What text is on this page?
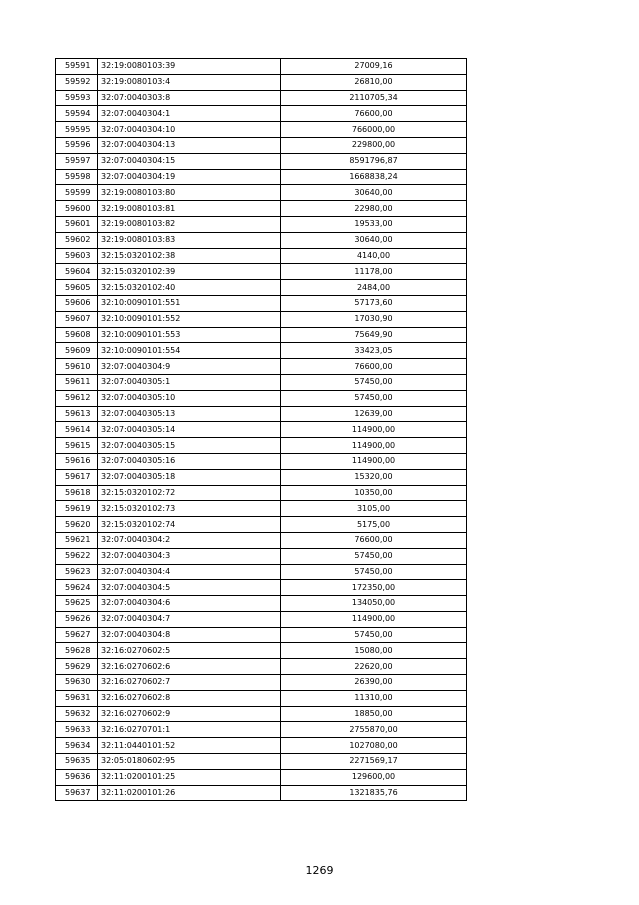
59591	32:19:0080103:39	27009,16
59592	32:19:0080103:4	26810,00
59593	32:07:0040303:8	2110705,34
59594	32:07:0040304:1	76600,00
59595	32:07:0040304:10	766000,00
59596	32:07:0040304:13	229800,00
59597	32:07:0040304:15	8591796,87
59598	32:07:0040304:19	1668838,24
59599	32:19:0080103:80	30640,00
59600	32:19:0080103:81	22980,00
59601	32:19:0080103:82	19533,00
59602	32:19:0080103:83	30640,00
59603	32:15:0320102:38	4140,00
59604	32:15:0320102:39	11178,00
59605	32:15:0320102:40	2484,00
59606	32:10:0090101:551	57173,60
59607	32:10:0090101:552	17030,90
59608	32:10:0090101:553	75649,90
59609	32:10:0090101:554	33423,05
59610	32:07:0040304:9	76600,00
59611	32:07:0040305:1	57450,00
59612	32:07:0040305:10	57450,00
59613	32:07:0040305:13	12639,00
59614	32:07:0040305:14	114900,00
59615	32:07:0040305:15	114900,00
59616	32:07:0040305:16	114900,00
59617	32:07:0040305:18	15320,00
59618	32:15:0320102:72	10350,00
59619	32:15:0320102:73	3105,00
59620	32:15:0320102:74	5175,00
59621	32:07:0040304:2	76600,00
59622	32:07:0040304:3	57450,00
59623	32:07:0040304:4	57450,00
59624	32:07:0040304:5	172350,00
59625	32:07:0040304:6	134050,00
59626	32:07:0040304:7	114900,00
59627	32:07:0040304:8	57450,00
59628	32:16:0270602:5	15080,00
59629	32:16:0270602:6	22620,00
59630	32:16:0270602:7	26390,00
59631	32:16:0270602:8	11310,00
59632	32:16:0270602:9	18850,00
59633	32:16:0270701:1	2755870,00
59634	32:11:0440101:52	1027080,00
59635	32:05:0180602:95	2271569,17
59636	32:11:0200101:25	129600,00
59637	32:11:0200101:26	1321835,76
1269
